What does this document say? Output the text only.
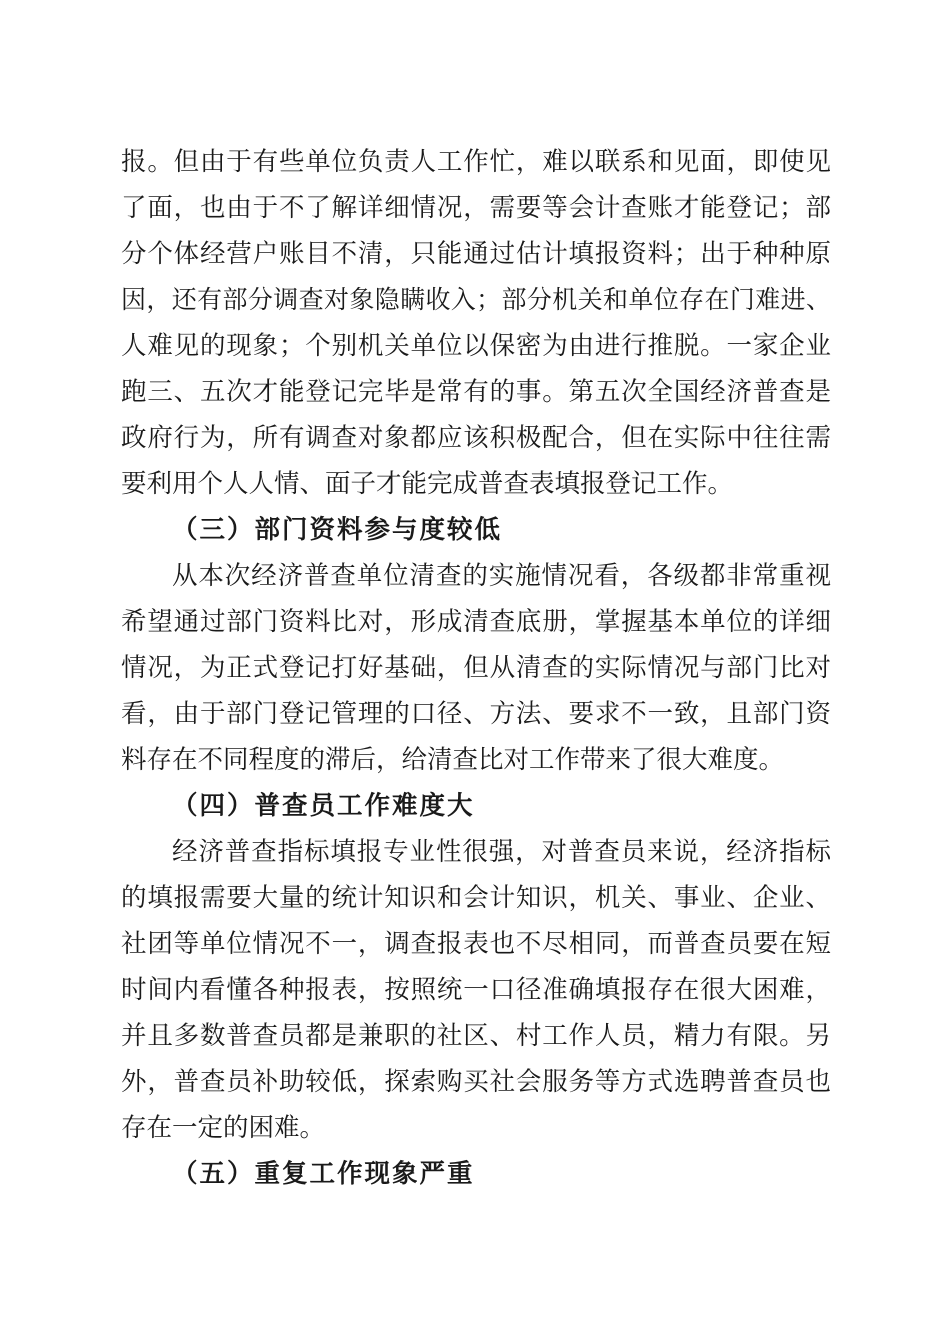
报。但由于有些单位负责人工作忙，难以联系和见面，即使见

了面，也由于不了解详细情况，需要等会计查账才能登记；部

分个体经营户账目不清，只能通过估计填报资料；出于种种原

因，还有部分调查对象隐瞒收入；部分机关和单位存在门难进、

人难见的现象；个别机关单位以保密为由进行推脱。一家企业

跑三、五次才能登记完毕是常有的事。第五次全国经济普查是

政府行为，所有调查对象都应该积极配合，但在实际中往往需

要利用个人人情、面子才能完成普查表填报登记工作。

（三）部门资料参与度较低

从本次经济普查单位清查的实施情况看，各级都非常重视

希望通过部门资料比对，形成清查底册，掌握基本单位的详细

情况，为正式登记打好基础，但从清查的实际情况与部门比对

看，由于部门登记管理的口径、方法、要求不一致，且部门资

料存在不同程度的滞后，给清查比对工作带来了很大难度。

（四）普查员工作难度大

经济普查指标填报专业性很强，对普查员来说，经济指标

的填报需要大量的统计知识和会计知识，机关、事业、企业、

社团等单位情况不一，调查报表也不尽相同，而普查员要在短

时间内看懂各种报表，按照统一口径准确填报存在很大困难，

并且多数普查员都是兼职的社区、村工作人员，精力有限。另

外，普查员补助较低，探索购买社会服务等方式选聘普查员也

存在一定的困难。

（五）重复工作现象严重
